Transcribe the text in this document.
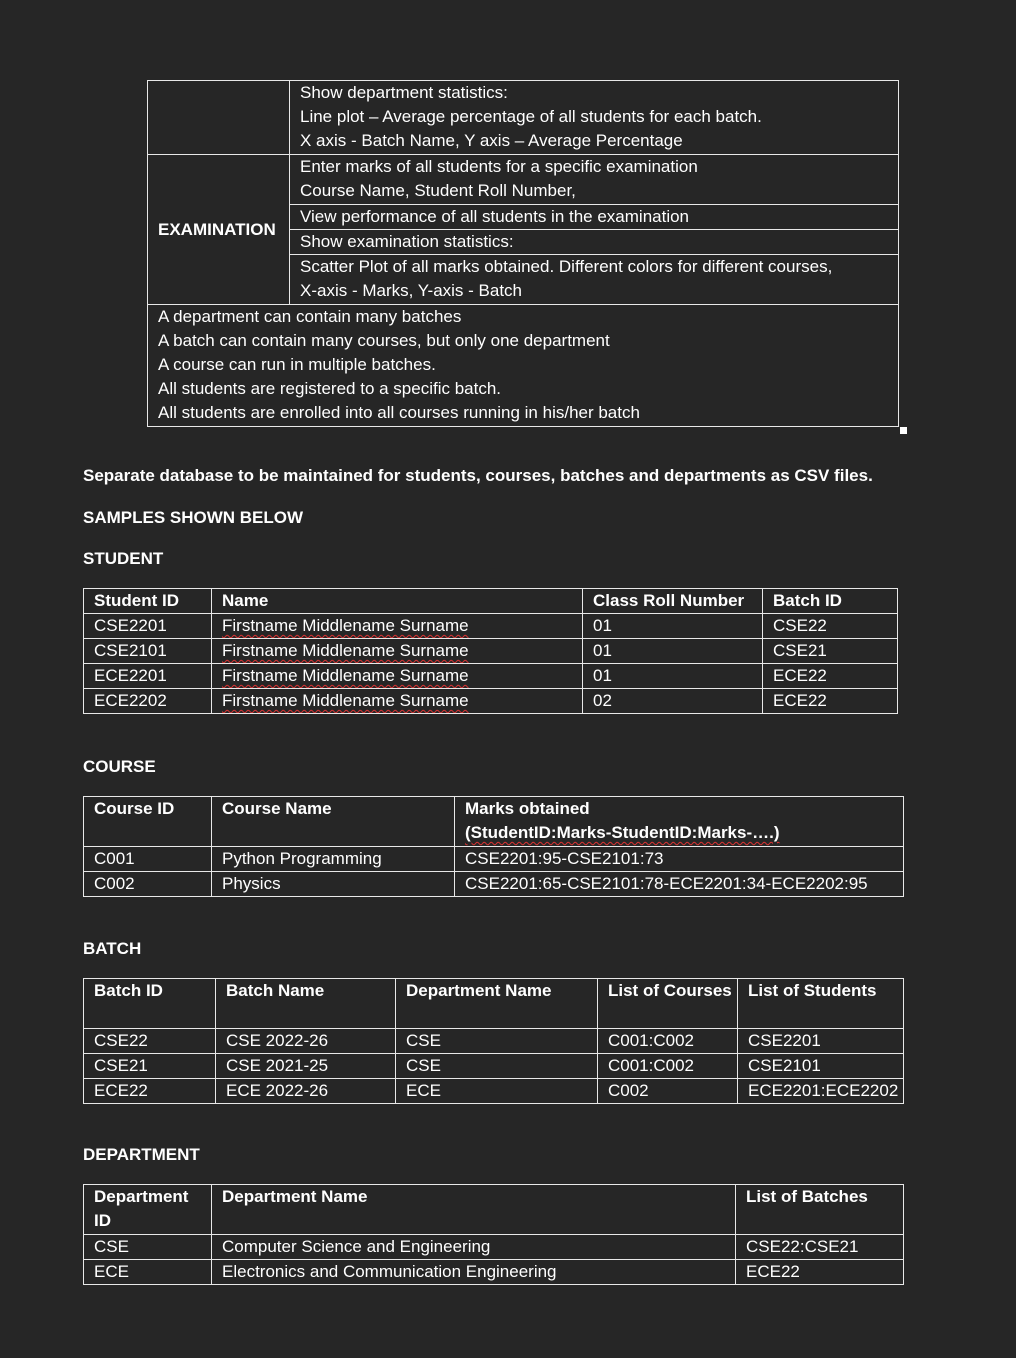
	Show department statistics:
Line plot – Average percentage of all students for each batch.
X axis - Batch Name, Y axis – Average Percentage

EXAMINATION	Enter marks of all students for a specific examination
Course Name, Student Roll Number,

	View performance of all students in the examination
	Show examination statistics:

	Scatter Plot of all marks obtained. Different colors for different courses,
X-axis - Marks, Y-axis - Batch

A department can contain many batches
A batch can contain many courses, but only one department
A course can run in multiple batches.
All students are registered to a specific batch.
All students are enrolled into all courses running in his/her batch	
Separate database to be maintained for students, courses, batches and departments as CSV files.
SAMPLES SHOWN BELOW
STUDENT
Student ID	Name	Class Roll Number	Batch ID
CSE2201	Firstname Middlename Surname	01	CSE22
CSE2101	Firstname Middlename Surname	01	CSE21
ECE2201	Firstname Middlename Surname	01	ECE22
ECE2202	Firstname Middlename Surname	02	ECE22
COURSE
Course ID	Course Name	Marks obtained
(StudentID:Marks-StudentID:Marks-….)

C001	Python Programming	CSE2201:95-CSE2101:73
C002	Physics	CSE2201:65-CSE2101:78-ECE2201:34-ECE2202:95
BATCH
Batch ID	Batch Name	Department Name	List of Courses	List of Students
CSE22	CSE 2022-26	CSE	C001:C002	CSE2201
CSE21	CSE 2021-25	CSE	C001:C002	CSE2101
ECE22	ECE 2022-26	ECE	C002	ECE2201:ECE2202
DEPARTMENT
Department
ID	Department Name	List of Batches
CSE	Computer Science and Engineering	CSE22:CSE21
ECE	Electronics and Communication Engineering	ECE22
